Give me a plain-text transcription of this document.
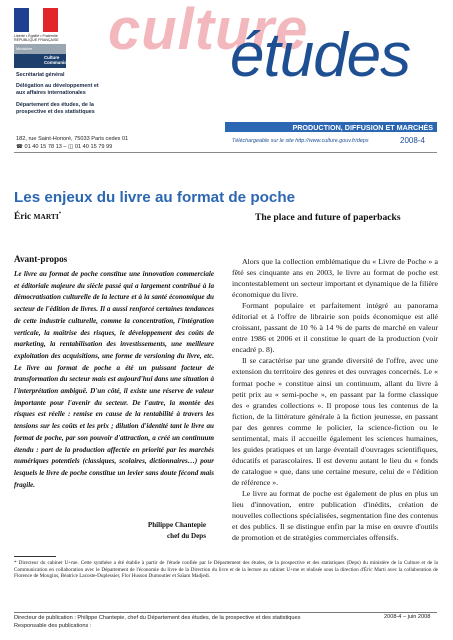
Liberté • Égalité • Fraternité RÉPUBLIQUE FRANÇAISE
Ministère
Culture Communication
Secrétariat général
Délégation au développement et aux affaires internationales
Département des études, de la prospective et des statistiques
culture
études
PRODUCTION, DIFFUSION ET MARCHÉS
182, rue Saint-Honoré, 75033 Paris cedex 01
☎ 01 40 15 78 13 – ◫ 01 40 15 79 99
Téléchargeable sur le site http://www.culture.gouv.fr/deps	2008-4
Les enjeux du livre au format de poche
Éric MARTI*	The place and future of paperbacks
Avant-propos

Le livre au format de poche constitue une innovation commerciale et éditoriale majeure du siècle passé qui a largement contribué à la démocratisation culturelle de la lecture et à la santé économique du secteur de l'édition de livres. Il a aussi renforcé certaines tendances de cette industrie culturelle, comme la concentration, l'intégration verticale, la maîtrise des risques, le développement des coûts de marketing, la rentabilisation des investissements, une meilleure exploitation des acquisitions, une forme de versioning du livre, etc. Le livre au format de poche a été un puissant facteur de transformation du secteur mais est aujourd'hui dans une situation à l'interprétation ambiguë. D'un côté, il existe une réserve de valeur importante pour l'avenir du secteur. De l'autre, la montée des risques est réelle : remise en cause de la rentabilité à travers les tensions sur les coûts et les prix ; dilution d'identité tant le livre au format de poche, par son pouvoir d'attraction, a créé un continuum étendu : part de la production affectée en priorité par les marchés numériques potentiels (classiques, scolaires, dictionnaires…) pour lesquels le livre de poche constitue un levier sans doute fécond mais fragile.

Philippe Chantepie
chef du Deps

Alors que la collection emblématique du « Livre de Poche » a fêté ses cinquante ans en 2003, le livre au format de poche est incontestablement un secteur important et dynamique de la filière économique du livre.

Formant populaire et parfaitement intégré au panorama éditorial et à l'offre de librairie son poids économique est allé croissant, passant de 10 % à 14 % de parts de marché en valeur entre 1986 et 2006 et il constitue le quart de la production (voir encadré p. 8).

Il se caractérise par une grande diversité de l'offre, avec une extension du territoire des genres et des ouvrages concernés. Le « format poche » constitue ainsi un continuum, allant du livre à petit prix au « semi-poche », en passant par la forme classique des « grandes collections ». Il propose tous les contenus de la fiction, de la littérature générale à la fiction jeunesse, en passant par des genres comme le policier, la science-fiction ou le sentimental, mais il accueille également les sciences humaines, les guides pratiques et un large éventail d'ouvrages scientifiques, éducatifs et parascolaires. Il est devenu autant le lieu du « fonds de catalogue » que, dans une certaine mesure, celui de « l'édition de référence ».

Le livre au format de poche est également de plus en plus un lieu d'innovation, entre publication d'inédits, création de nouvelles collections spécialisées, segmentation fine des contenus et des publics. Il se distingue enfin par la mise en œuvre d'outils de promotion et de stratégies commerciales offensifs.

* Directeur du cabinet U+me. Cette synthèse a été établie à partir de l'étude confiée par le Département des études, de la prospective et des statistiques (Deps) du ministère de la Culture et de la Communication en collaboration avec le Département de l'économie du livre de la Direction du livre et de la lecture au cabinet U+me et réalisée sous la direction d'Éric Marti avec la collaboration de Florence de Mougins, Béatrice Lacoste-Duplessier, Flor Husson Dumoutier et Saïam Madjedi.
Directeur de publication : Philippe Chantepie, chef du Département des études, de la prospective et des statistiques
Responsable des publications :
2008-4 – juin 2008
